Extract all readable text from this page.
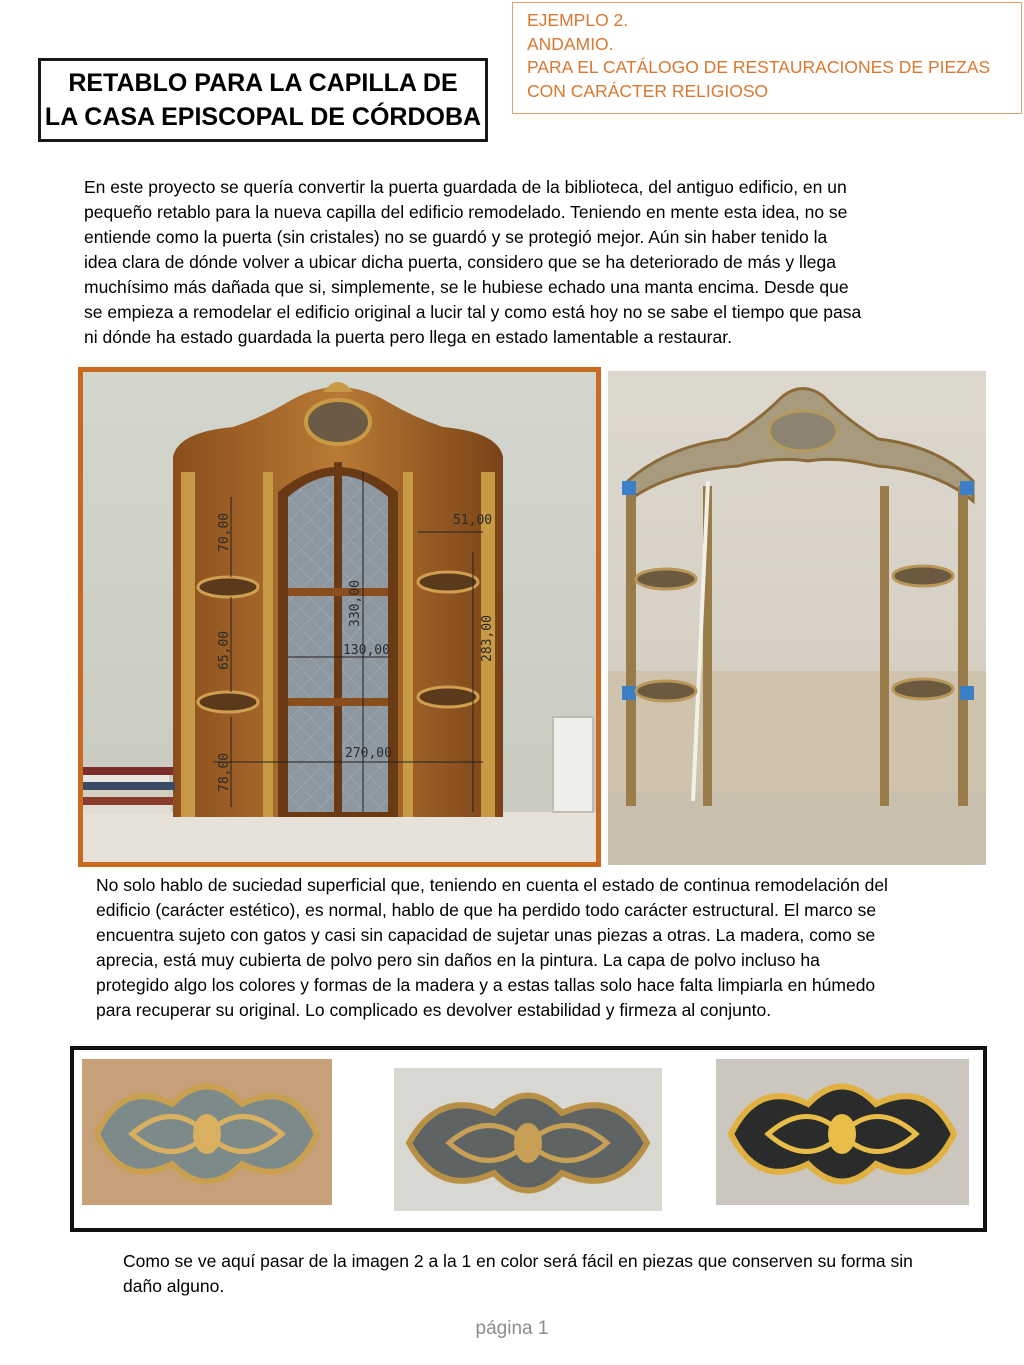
RETABLO PARA LA CAPILLA DE
LA CASA EPISCOPAL DE CÓRDOBA
EJEMPLO 2.
ANDAMIO.
PARA EL CATÁLOGO DE RESTAURACIONES DE PIEZAS
CON CARÁCTER RELIGIOSO
En este proyecto se quería convertir la puerta guardada de la biblioteca, del antiguo edificio, en un
pequeño retablo para la nueva capilla del edificio remodelado. Teniendo en mente esta idea, no se
entiende como la puerta (sin cristales) no se guardó y se protegió mejor. Aún sin haber tenido la
idea clara de dónde volver a ubicar dicha puerta, considero que se ha deteriorado de más y llega
muchísimo más dañada que si, simplemente, se le hubiese echado una manta encima. Desde que
se empieza a remodelar el edificio original a lucir tal y como está hoy no se sabe el tiempo que pasa
ni dónde ha estado guardada la puerta pero llega en estado lamentable a restaurar.
70,00	51,00
330,00
283,00
65,00	130,00
270,00
78,00
No solo hablo de suciedad superficial que, teniendo en cuenta el estado de continua remodelación del
edificio (carácter estético), es normal, hablo de que ha perdido todo carácter estructural. El marco se
encuentra sujeto con gatos y casi sin capacidad de sujetar unas piezas a otras. La madera, como se
aprecia, está muy cubierta de polvo pero sin daños en la pintura. La capa de polvo incluso ha
protegido algo los colores y formas de la madera y a estas tallas solo hace falta limpiarla en húmedo
para recuperar su original. Lo complicado es devolver estabilidad y firmeza al conjunto.
Como se ve aquí pasar de la imagen 2 a la 1 en color será fácil en piezas que conserven su forma sin
daño alguno.
página 1
